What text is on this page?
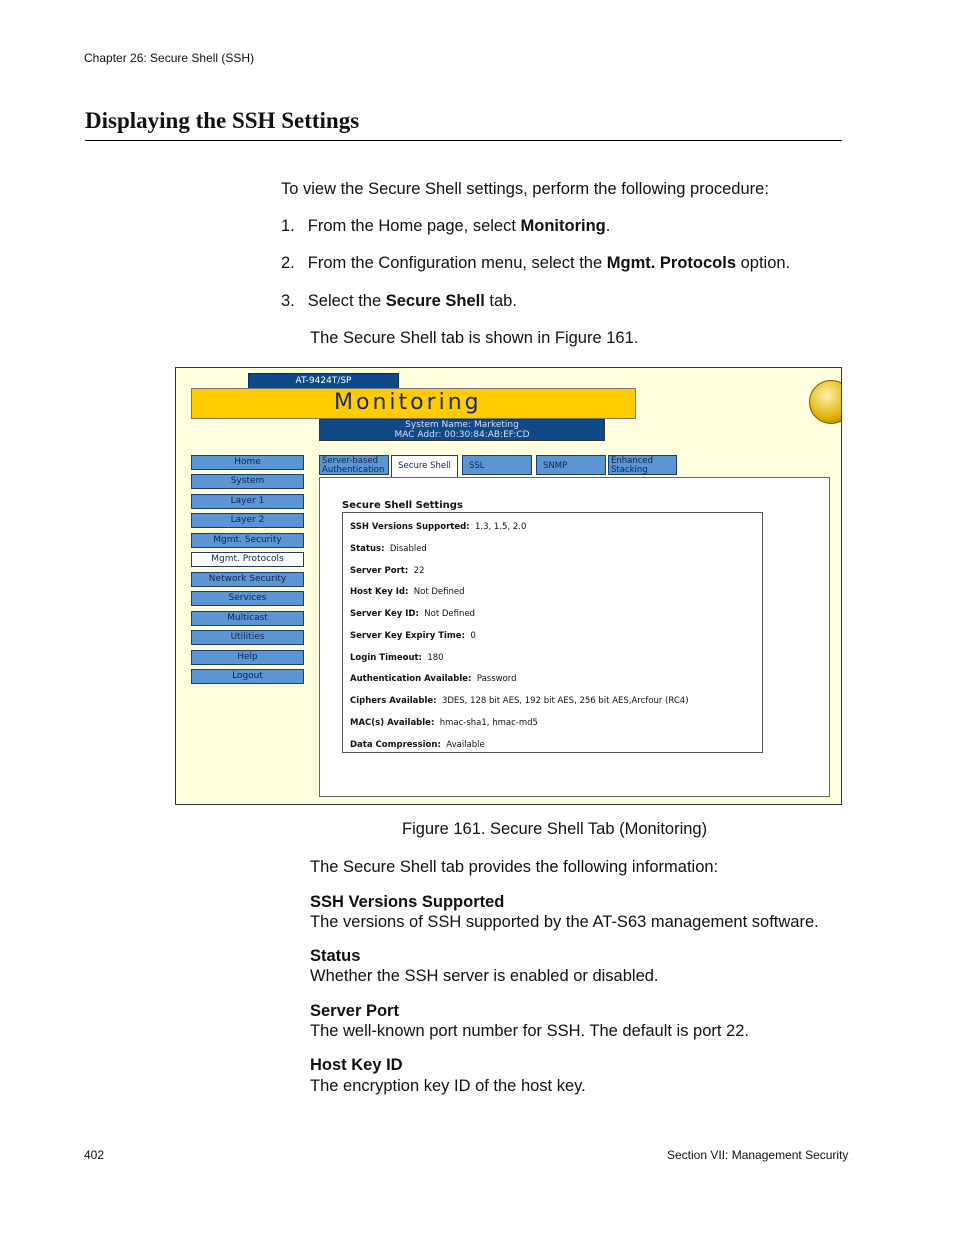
Chapter 26: Secure Shell (SSH)
Displaying the SSH Settings
To view the Secure Shell settings, perform the following procedure:
1. From the Home page, select Monitoring.
2. From the Configuration menu, select the Mgmt. Protocols option.
3. Select the Secure Shell tab.
The Secure Shell tab is shown in Figure 161.
AT-9424T/SP
Monitoring
System Name: Marketing
MAC Addr: 00:30:84:AB:EF:CD
Home
System
Layer 1
Layer 2
Mgmt. Security
Mgmt. Protocols
Network Security
Services
Multicast
Utilities
Help
Logout
Server-based
Authentication	Secure Shell	SSL	SNMP	Enhanced
Stacking
Secure Shell Settings
SSH Versions Supported: 1.3, 1.5, 2.0
Status: Disabled
Server Port: 22
Host Key Id: Not Defined
Server Key ID: Not Defined
Server Key Expiry Time: 0
Login Timeout: 180
Authentication Available: Password
Ciphers Available: 3DES, 128 bit AES, 192 bit AES, 256 bit AES,Arcfour (RC4)
MAC(s) Available: hmac-sha1, hmac-md5
Data Compression: Available
Figure 161. Secure Shell Tab (Monitoring)
The Secure Shell tab provides the following information:
SSH Versions Supported
The versions of SSH supported by the AT-S63 management software.
Status
Whether the SSH server is enabled or disabled.
Server Port
The well-known port number for SSH. The default is port 22.
Host Key ID
The encryption key ID of the host key.
402	Section VII: Management Security
